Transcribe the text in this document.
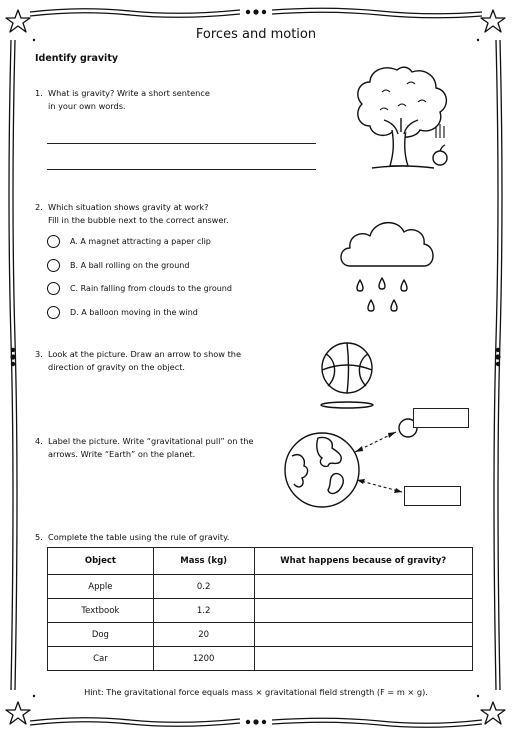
Forces and motion
Identify gravity
1. What is gravity? Write a short sentence
in your own words.
2. Which situation shows gravity at work?
Fill in the bubble next to the correct answer.
A. A magnet attracting a paper clip
B. A ball rolling on the ground
C. Rain falling from clouds to the ground
D. A balloon moving in the wind
3. Look at the picture. Draw an arrow to show the
direction of gravity on the object.
4. Label the picture. Write “gravitational pull” on the
arrows. Write “Earth” on the planet.
5. Complete the table using the rule of gravity.
Object	Mass (kg)	What happens because of gravity?
Apple	0.2	
Textbook	1.2	
Dog	20	
Car	1200	
Hint: The gravitational force equals mass × gravitational field strength (F = m × g).
